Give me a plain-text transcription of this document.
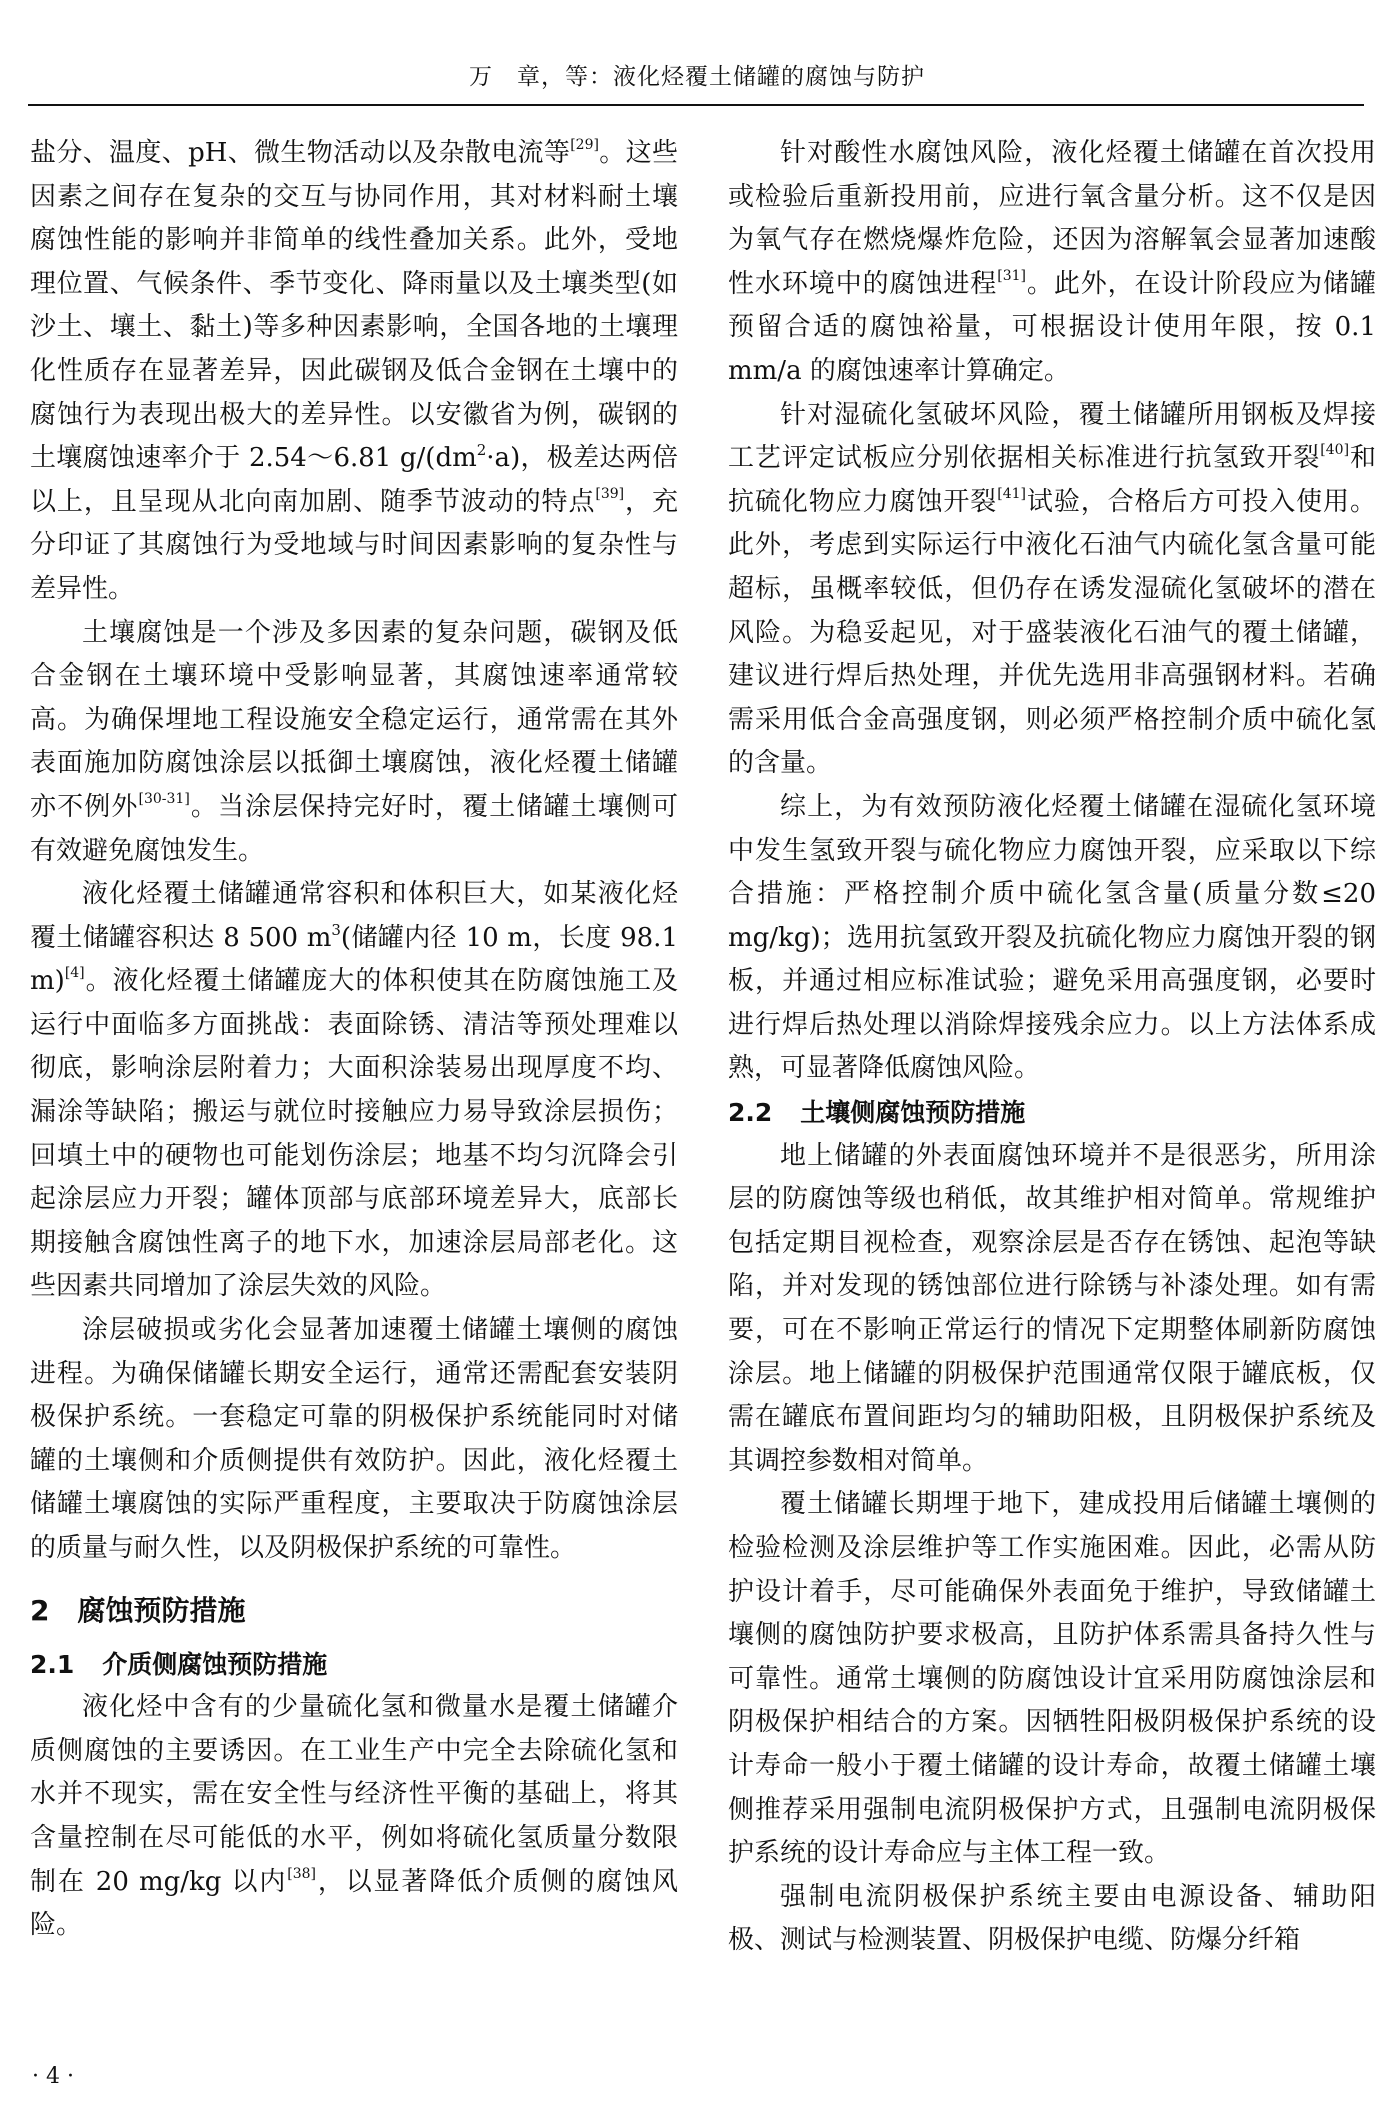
万　章，等：液化烃覆土储罐的腐蚀与防护

盐分、温度、pH、微生物活动以及杂散电流等[29]。这些因素之间存在复杂的交互与协同作用，其对材料耐土壤腐蚀性能的影响并非简单的线性叠加关系。此外，受地理位置、气候条件、季节变化、降雨量以及土壤类型(如沙土、壤土、黏土)等多种因素影响，全国各地的土壤理化性质存在显著差异，因此碳钢及低合金钢在土壤中的腐蚀行为表现出极大的差异性。以安徽省为例，碳钢的土壤腐蚀速率介于 2.54～6.81 $g/(dm^2\cdot a)$，极差达两倍以上，且呈现从北向南加剧、随季节波动的特点[39]，充分印证了其腐蚀行为受地域与时间因素影响的复杂性与差异性。

土壤腐蚀是一个涉及多因素的复杂问题，碳钢及低合金钢在土壤环境中受影响显著，其腐蚀速率通常较高。为确保埋地工程设施安全稳定运行，通常需在其外表面施加防腐蚀涂层以抵御土壤腐蚀，液化烃覆土储罐亦不例外[30-31]。当涂层保持完好时，覆土储罐土壤侧可有效避免腐蚀发生。

液化烃覆土储罐通常容积和体积巨大，如某液化烃覆土储罐容积达 8 500 $m^3$(储罐内径 10 m，长度 98.1 m)[4]。液化烃覆土储罐庞大的体积使其在防腐蚀施工及运行中面临多方面挑战：表面除锈、清洁等预处理难以彻底，影响涂层附着力；大面积涂装易出现厚度不均、漏涂等缺陷；搬运与就位时接触应力易导致涂层损伤；回填土中的硬物也可能划伤涂层；地基不均匀沉降会引起涂层应力开裂；罐体顶部与底部环境差异大，底部长期接触含腐蚀性离子的地下水，加速涂层局部老化。这些因素共同增加了涂层失效的风险。

涂层破损或劣化会显著加速覆土储罐土壤侧的腐蚀进程。为确保储罐长期安全运行，通常还需配套安装阴极保护系统。一套稳定可靠的阴极保护系统能同时对储罐的土壤侧和介质侧提供有效防护。因此，液化烃覆土储罐土壤腐蚀的实际严重程度，主要取决于防腐蚀涂层的质量与耐久性，以及阴极保护系统的可靠性。

2 腐蚀预防措施
2.1 介质侧腐蚀预防措施

液化烃中含有的少量硫化氢和微量水是覆土储罐介质侧腐蚀的主要诱因。在工业生产中完全去除硫化氢和水并不现实，需在安全性与经济性平衡的基础上，将其含量控制在尽可能低的水平，例如将硫化氢质量分数限制在 20 mg/kg 以内[38]，以显著降低介质侧的腐蚀风险。

针对酸性水腐蚀风险，液化烃覆土储罐在首次投用或检验后重新投用前，应进行氧含量分析。这不仅是因为氧气存在燃烧爆炸危险，还因为溶解氧会显著加速酸性水环境中的腐蚀进程[31]。此外，在设计阶段应为储罐预留合适的腐蚀裕量，可根据设计使用年限，按 0.1 mm/a 的腐蚀速率计算确定。

针对湿硫化氢破坏风险，覆土储罐所用钢板及焊接工艺评定试板应分别依据相关标准进行抗氢致开裂[40]和抗硫化物应力腐蚀开裂[41]试验，合格后方可投入使用。此外，考虑到实际运行中液化石油气内硫化氢含量可能超标，虽概率较低，但仍存在诱发湿硫化氢破坏的潜在风险。为稳妥起见，对于盛装液化石油气的覆土储罐，建议进行焊后热处理，并优先选用非高强钢材料。若确需采用低合金高强度钢，则必须严格控制介质中硫化氢的含量。

综上，为有效预防液化烃覆土储罐在湿硫化氢环境中发生氢致开裂与硫化物应力腐蚀开裂，应采取以下综合措施：严格控制介质中硫化氢含量(质量分数≤20 mg/kg)；选用抗氢致开裂及抗硫化物应力腐蚀开裂的钢板，并通过相应标准试验；避免采用高强度钢，必要时进行焊后热处理以消除焊接残余应力。以上方法体系成熟，可显著降低腐蚀风险。

2.2 土壤侧腐蚀预防措施

地上储罐的外表面腐蚀环境并不是很恶劣，所用涂层的防腐蚀等级也稍低，故其维护相对简单。常规维护包括定期目视检查，观察涂层是否存在锈蚀、起泡等缺陷，并对发现的锈蚀部位进行除锈与补漆处理。如有需要，可在不影响正常运行的情况下定期整体刷新防腐蚀涂层。地上储罐的阴极保护范围通常仅限于罐底板，仅需在罐底布置间距均匀的辅助阳极，且阴极保护系统及其调控参数相对简单。

覆土储罐长期埋于地下，建成投用后储罐土壤侧的检验检测及涂层维护等工作实施困难。因此，必需从防护设计着手，尽可能确保外表面免于维护，导致储罐土壤侧的腐蚀防护要求极高，且防护体系需具备持久性与可靠性。通常土壤侧的防腐蚀设计宜采用防腐蚀涂层和阴极保护相结合的方案。因牺牲阳极阴极保护系统的设计寿命一般小于覆土储罐的设计寿命，故覆土储罐土壤侧推荐采用强制电流阴极保护方式，且强制电流阴极保护系统的设计寿命应与主体工程一致。

强制电流阴极保护系统主要由电源设备、辅助阳极、测试与检测装置、阴极保护电缆、防爆分纤箱

· 4 ·
